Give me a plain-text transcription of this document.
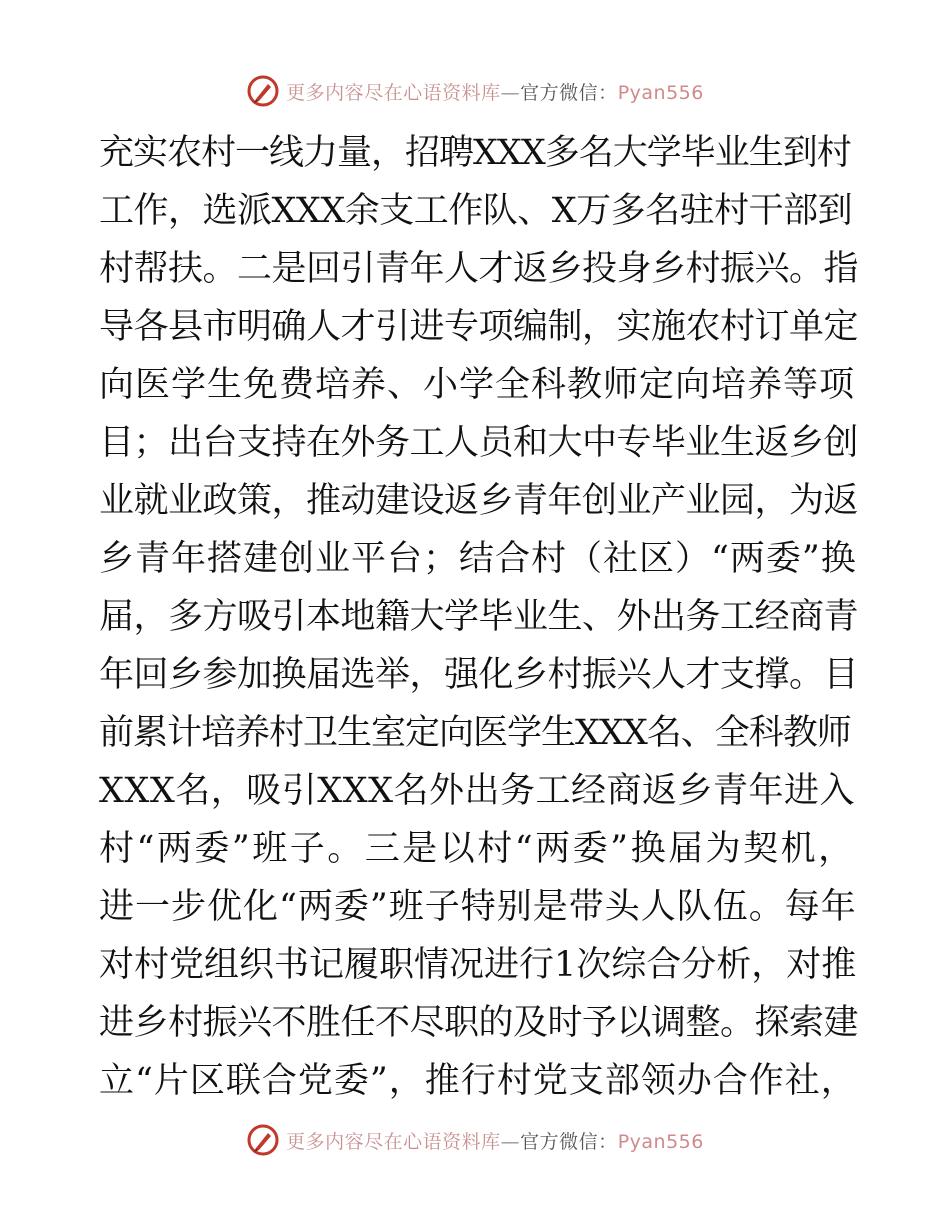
更多内容尽在心语资料库—官方微信：Pyan556
充实农村一线力量，招聘XXX多名大学毕业生到村
工作，选派XXX余支工作队、X万多名驻村干部到
村帮扶。二是回引青年人才返乡投身乡村振兴。指
导各县市明确人才引进专项编制，实施农村订单定
向医学生免费培养、小学全科教师定向培养等项
目；出台支持在外务工人员和大中专毕业生返乡创
业就业政策，推动建设返乡青年创业产业园，为返
乡青年搭建创业平台；结合村（社区）“两委”换
届，多方吸引本地籍大学毕业生、外出务工经商青
年回乡参加换届选举，强化乡村振兴人才支撑。目
前累计培养村卫生室定向医学生XXX名、全科教师
XXX名，吸引XXX名外出务工经商返乡青年进入
村“两委”班子。三是以村“两委”换届为契机，
进一步优化“两委”班子特别是带头人队伍。每年
对村党组织书记履职情况进行1次综合分析，对推
进乡村振兴不胜任不尽职的及时予以调整。探索建
立“片区联合党委”，推行村党支部领办合作社，
更多内容尽在心语资料库—官方微信：Pyan556
